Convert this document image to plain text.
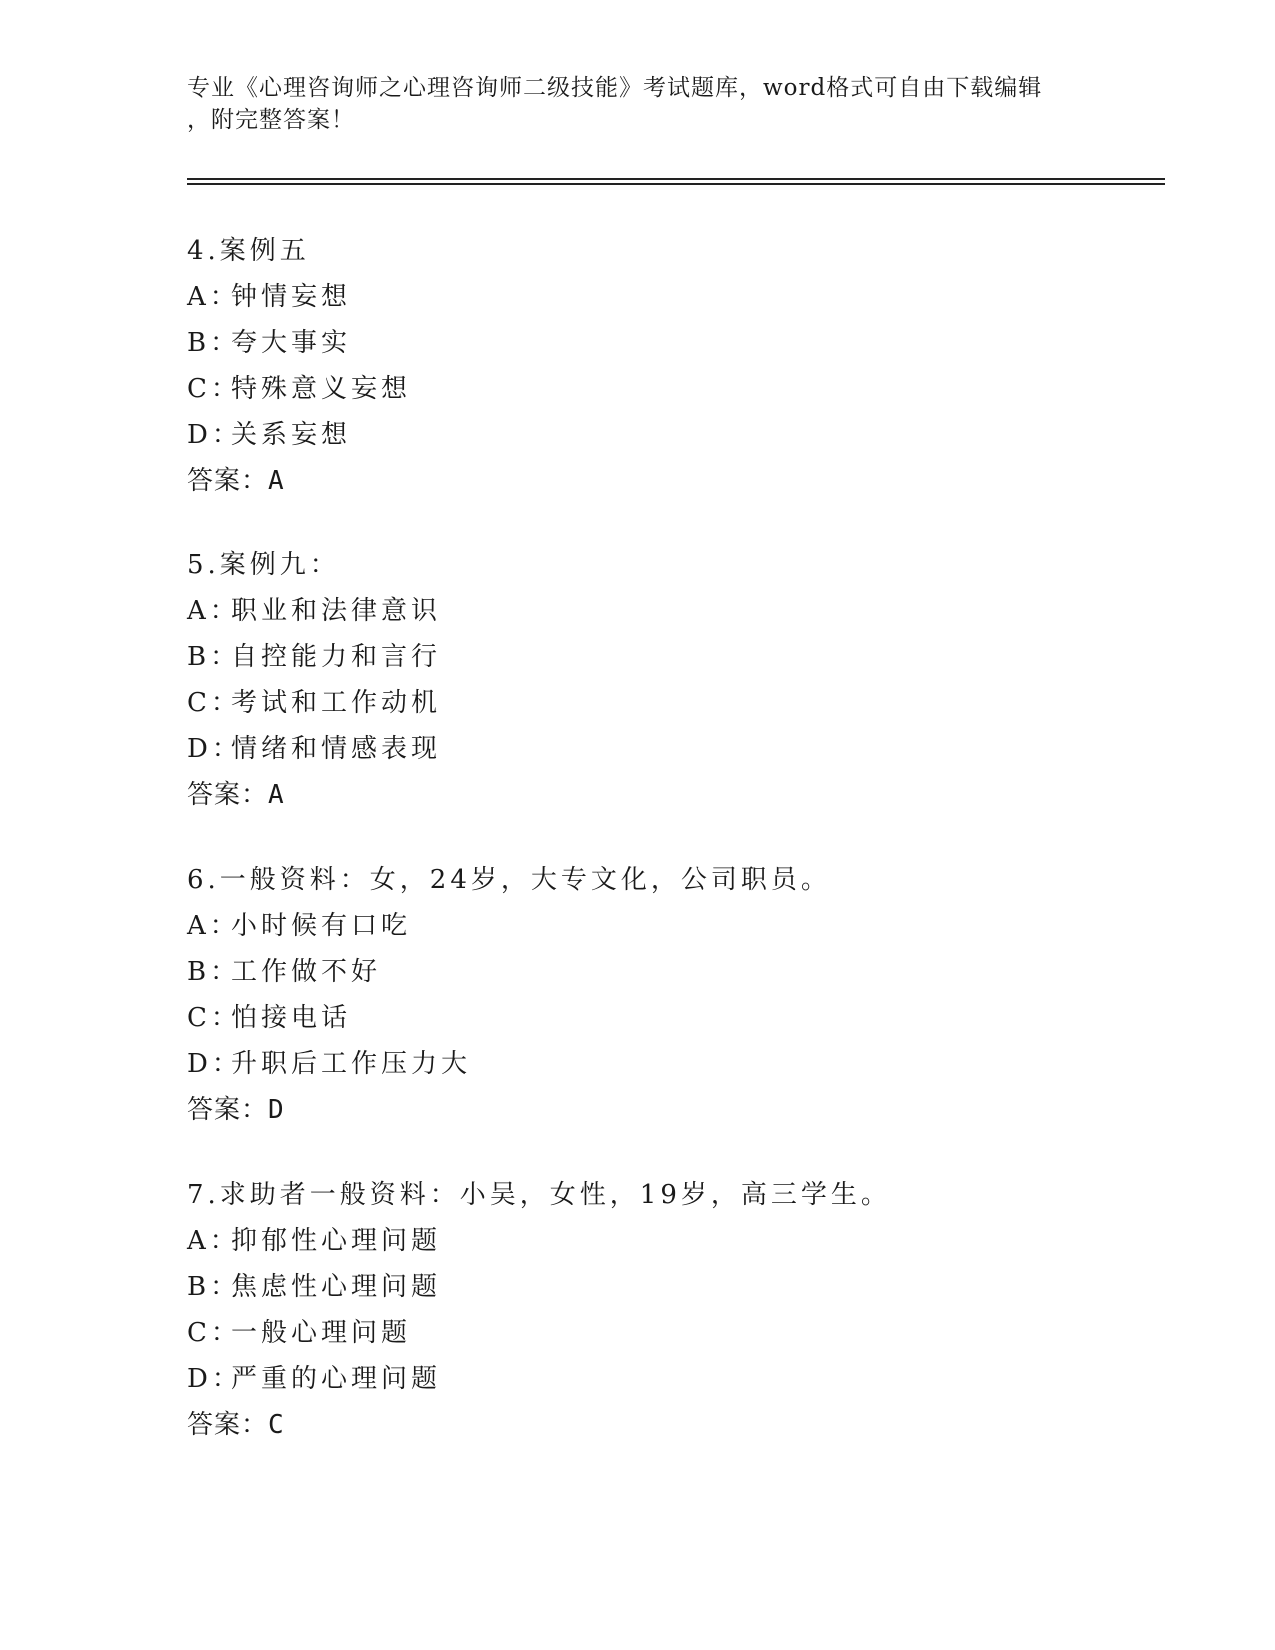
专业《心理咨询师之心理咨询师二级技能》考试题库，word格式可自由下载编辑
，附完整答案！
4.案例五
A：钟情妄想
B：夸大事实
C：特殊意义妄想
D：关系妄想
答案：A
5.案例九：
A：职业和法律意识
B：自控能力和言行
C：考试和工作动机
D：情绪和情感表现
答案：A
6.一般资料：女，24岁，大专文化，公司职员。
A：小时候有口吃
B：工作做不好
C：怕接电话
D：升职后工作压力大
答案：D
7.求助者一般资料：小吴，女性，19岁，高三学生。
A：抑郁性心理问题
B：焦虑性心理问题
C：一般心理问题
D：严重的心理问题
答案：C
